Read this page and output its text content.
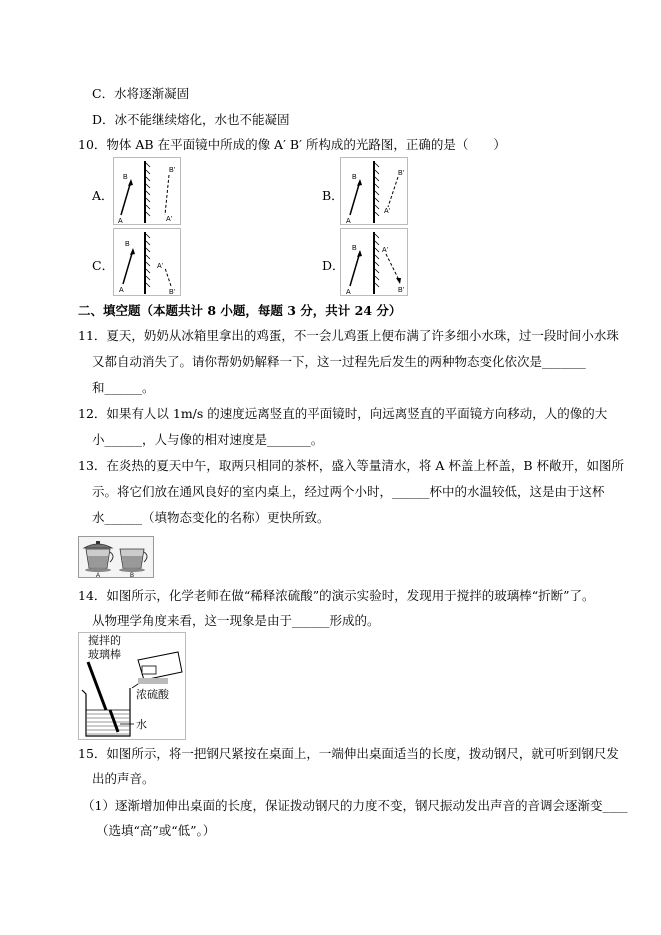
C．水将逐渐凝固
D．冰不能继续熔化，水也不能凝固
10．物体 AB 在平面镜中所成的像 A′ B′ 所构成的光路图，正确的是（　　）
A．	B．
C．	D．
A
B
B'
A'	A
B
B'
A'
A
B
A'
B'	A
B	A'
B'
二、填空题（本题共计 8 小题，每题 3 分，共计 24 分）
11．夏天，奶奶从冰箱里拿出的鸡蛋，不一会儿鸡蛋上便布满了许多细小水珠，过一段时间小水珠
又都自动消失了。请你帮奶奶解释一下，这一过程先后发生的两种物态变化依次是_______
和______。
12．如果有人以 1m/s 的速度远离竖直的平面镜时，向远离竖直的平面镜方向移动，人的像的大
小______，人与像的相对速度是_______。
13．在炎热的夏天中午，取两只相同的茶杯，盛入等量清水，将 A 杯盖上杯盖，B 杯敞开，如图所
示。将它们放在通风良好的室内桌上，经过两个小时，______杯中的水温较低，这是由于这杯
水______（填物态变化的名称）更快所致。
A	B
14．如图所示，化学老师在做“稀释浓硫酸”的演示实验时，发现用于搅拌的玻璃棒“折断”了。
从物理学角度来看，这一现象是由于______形成的。
搅拌的
玻璃棒
浓硫酸
水
15．如图所示，将一把钢尺紧按在桌面上，一端伸出桌面适当的长度，拨动钢尺，就可听到钢尺发
出的声音。
（1）逐渐增加伸出桌面的长度，保证拨动钢尺的力度不变，钢尺振动发出声音的音调会逐渐变____
（选填“高”或“低”。）
